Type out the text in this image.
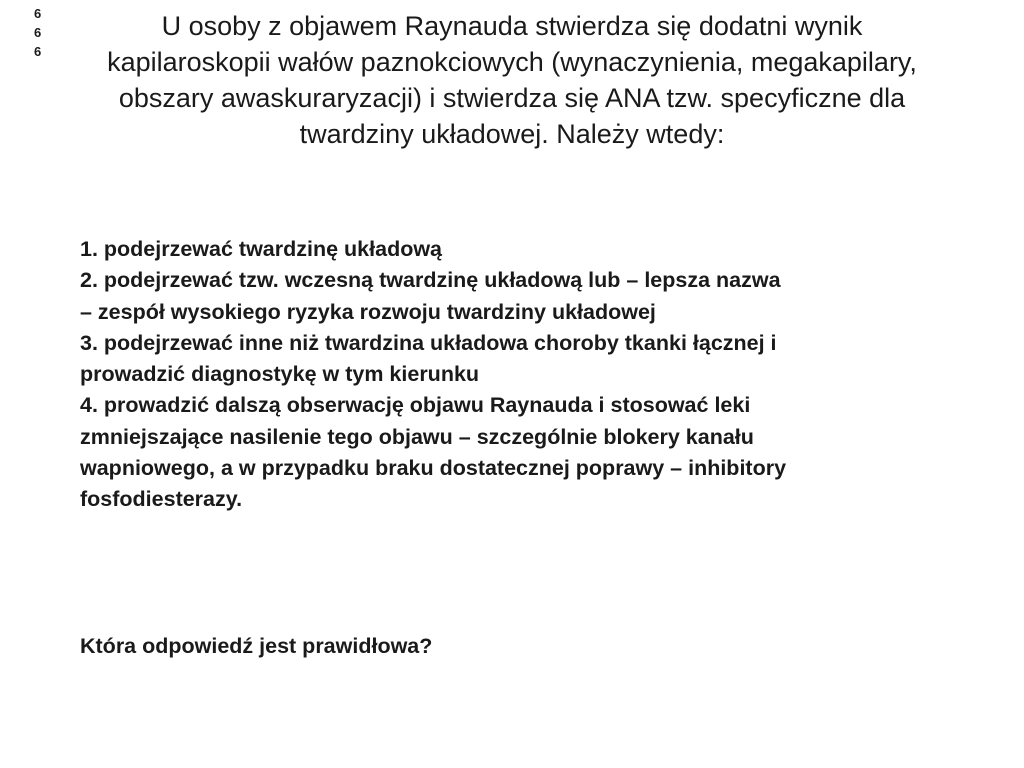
6
6
6
U osoby z objawem Raynauda stwierdza się dodatni wynik
kapilaroskopii wałów paznokciowych (wynaczynienia, megakapilary,
obszary awaskuraryzacji) i stwierdza się ANA tzw. specyficzne dla
twardziny układowej. Należy wtedy:
1. podejrzewać twardzinę układową
2. podejrzewać tzw. wczesną twardzinę układową lub – lepsza nazwa
– zespół wysokiego ryzyka rozwoju twardziny układowej
3. podejrzewać inne niż twardzina układowa choroby tkanki łącznej i
prowadzić diagnostykę w tym kierunku
4. prowadzić dalszą obserwację objawu Raynauda i stosować leki
zmniejszające nasilenie tego objawu – szczególnie blokery kanału
wapniowego, a w przypadku braku dostatecznej poprawy – inhibitory
fosfodiesterazy.

Która odpowiedź jest prawidłowa?
